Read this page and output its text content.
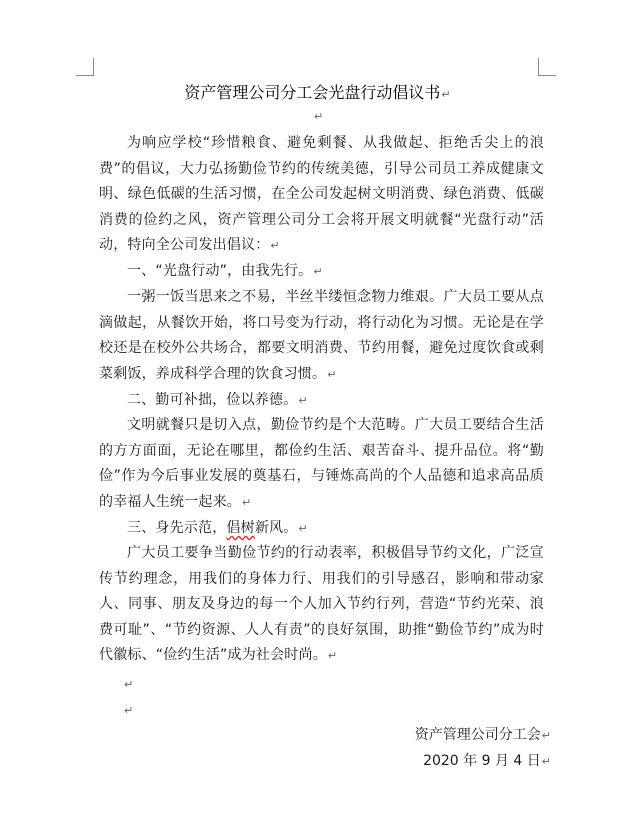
资产管理公司分工会光盘行动倡议书↵
↵
为响应学校“珍惜粮食、避免剩餐、从我做起、拒绝舌尖上的浪费”的倡议，大力弘扬勤俭节约的传统美德，引导公司员工养成健康文明、绿色低碳的生活习惯，在全公司发起树文明消费、绿色消费、低碳消费的俭约之风，资产管理公司分工会将开展文明就餐“光盘行动”活动，特向全公司发出倡议：↵
一、“光盘行动”，由我先行。↵
一粥一饭当思来之不易，半丝半缕恒念物力维艰。广大员工要从点滴做起，从餐饮开始，将口号变为行动，将行动化为习惯。无论是在学校还是在校外公共场合，都要文明消费、节约用餐，避免过度饮食或剩菜剩饭，养成科学合理的饮食习惯。↵
二、勤可补拙，俭以养德。↵
文明就餐只是切入点，勤俭节约是个大范畴。广大员工要结合生活的方方面面，无论在哪里，都俭约生活、艰苦奋斗、提升品位。将“勤俭”作为今后事业发展的奠基石，与锤炼高尚的个人品德和追求高品质的幸福人生统一起来。↵
三、身先示范，倡树新风。↵
广大员工要争当勤俭节约的行动表率，积极倡导节约文化，广泛宣传节约理念，用我们的身体力行、用我们的引导感召，影响和带动家人、同事、朋友及身边的每一个人加入节约行列，营造“节约光荣、浪费可耻”、“节约资源、人人有责”的良好氛围，助推“勤俭节约”成为时代徽标、“俭约生活”成为社会时尚。↵
↵
↵
资产管理公司分工会↵
2020 年 9 月 4 日↵
